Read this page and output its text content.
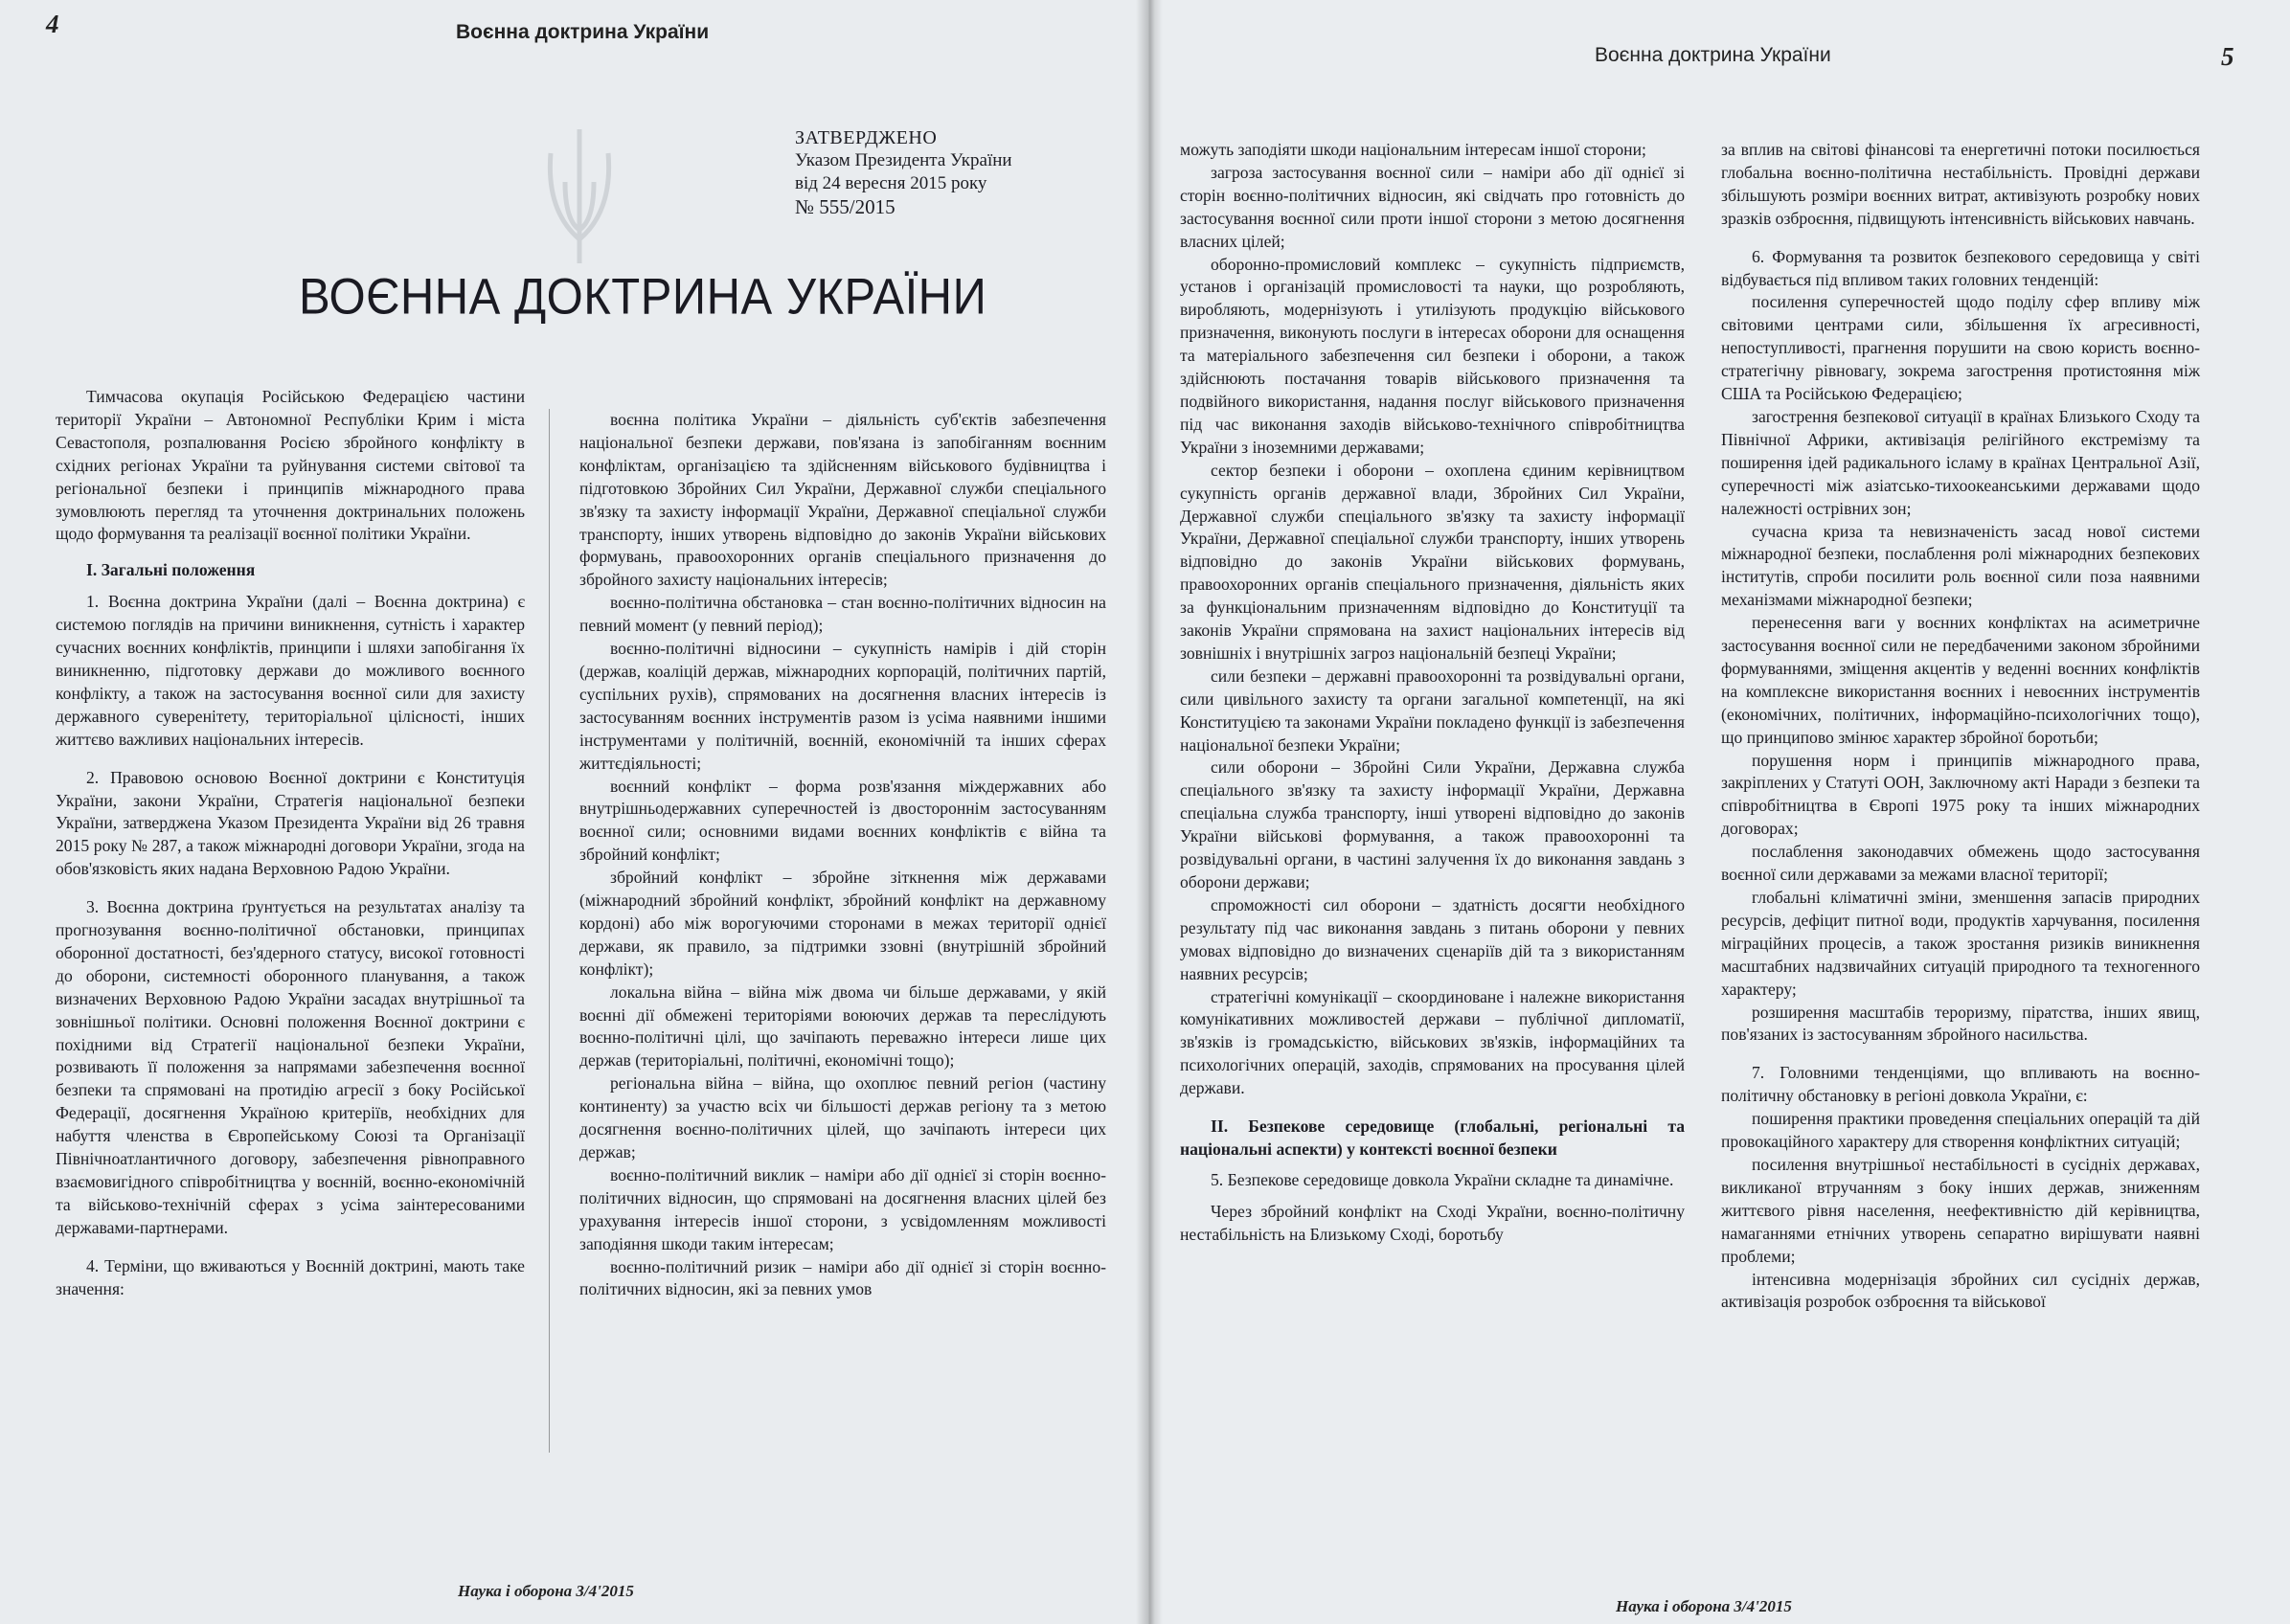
4	Воєнна доктрина України
ЗАТВЕРДЖЕНО
Указом Президента України
від 24 вересня 2015 року
№ 555/2015
ВОЄННА ДОКТРИНА УКРАЇНИ

Тимчасова окупація Російською Федерацією частини території України – Автономної Республіки Крим і міста Севастополя, розпалювання Росією збройного конфлікту в східних регіонах України та руйнування системи світової та регіональної безпеки і принципів міжнародного права зумовлюють перегляд та уточнення доктринальних положень щодо формування та реалізації воєнної політики України.

I. Загальні положення

1. Воєнна доктрина України (далі – Воєнна доктрина) є системою поглядів на причини виникнення, сутність і характер сучасних воєнних конфліктів, принципи і шляхи запобігання їх виникненню, підготовку держави до можливого воєнного конфлікту, а також на застосування воєнної сили для захисту державного суверенітету, територіальної цілісності, інших життєво важливих національних інтересів.

2. Правовою основою Воєнної доктрини є Конституція України, закони України, Стратегія національної безпеки України, затверджена Указом Президента України від 26 травня 2015 року № 287, а також міжнародні договори України, згода на обов'язковість яких надана Верховною Радою України.

3. Воєнна доктрина ґрунтується на результатах аналізу та прогнозування воєнно-політичної обстановки, принципах оборонної достатності, без'ядерного статусу, високої готовності до оборони, системності оборонного планування, а також визначених Верховною Радою України засадах внутрішньої та зовнішньої політики. Основні положення Воєнної доктрини є похідними від Стратегії національної безпеки України, розвивають її положення за напрямами забезпечення воєнної безпеки та спрямовані на протидію агресії з боку Російської Федерації, досягнення Україною критеріїв, необхідних для набуття членства в Європейському Союзі та Організації Північноатлантичного договору, забезпечення рівноправного взаємовигідного співробітництва у воєнній, воєнно-економічній та військово-технічній сферах з усіма заінтересованими державами-партнерами.

4. Терміни, що вживаються у Воєнній доктрині, мають таке значення:

воєнна політика України – діяльність суб'єктів забезпечення національної безпеки держави, пов'язана із запобіганням воєнним конфліктам, організацією та здійсненням військового будівництва і підготовкою Збройних Сил України, Державної служби спеціального зв'язку та захисту інформації України, Державної спеціальної служби транспорту, інших утворень відповідно до законів України військових формувань, правоохоронних органів спеціального призначення до збройного захисту національних інтересів;

воєнно-політична обстановка – стан воєнно-політичних відносин на певний момент (у певний період);

воєнно-політичні відносини – сукупність намірів і дій сторін (держав, коаліцій держав, міжнародних корпорацій, політичних партій, суспільних рухів), спрямованих на досягнення власних інтересів із застосуванням воєнних інструментів разом із усіма наявними іншими інструментами у політичній, воєнній, економічній та інших сферах життєдіяльності;

воєнний конфлікт – форма розв'язання міждержавних або внутрішньодержавних суперечностей із двостороннім застосуванням воєнної сили; основними видами воєнних конфліктів є війна та збройний конфлікт;

збройний конфлікт – збройне зіткнення між державами (міжнародний збройний конфлікт, збройний конфлікт на державному кордоні) або між ворогуючими сторонами в межах території однієї держави, як правило, за підтримки ззовні (внутрішній збройний конфлікт);

локальна війна – війна між двома чи більше державами, у якій воєнні дії обмежені територіями воюючих держав та переслідують воєнно-політичні цілі, що зачіпають переважно інтереси лише цих держав (територіальні, політичні, економічні тощо);

регіональна війна – війна, що охоплює певний регіон (частину континенту) за участю всіх чи більшості держав регіону та з метою досягнення воєнно-політичних цілей, що зачіпають інтереси цих держав;

воєнно-політичний виклик – наміри або дії однієї зі сторін воєнно-політичних відносин, що спрямовані на досягнення власних цілей без урахування інтересів іншої сторони, з усвідомленням можливості заподіяння шкоди таким інтересам;

воєнно-політичний ризик – наміри або дії однієї зі сторін воєнно-політичних відносин, які за певних умов

Наука і оборона 3/4'2015
Воєнна доктрина України	5
Наука і оборона 3/4'2015

можуть заподіяти шкоди національним інтересам іншої сторони;

загроза застосування воєнної сили – наміри або дії однієї зі сторін воєнно-політичних відносин, які свідчать про готовність до застосування воєнної сили проти іншої сторони з метою досягнення власних цілей;

оборонно-промисловий комплекс – сукупність підприємств, установ і організацій промисловості та науки, що розробляють, виробляють, модернізують і утилізують продукцію військового призначення, виконують послуги в інтересах оборони для оснащення та матеріального забезпечення сил безпеки і оборони, а також здійснюють постачання товарів військового призначення та подвійного використання, надання послуг військового призначення під час виконання заходів військово-технічного співробітництва України з іноземними державами;

сектор безпеки і оборони – охоплена єдиним керівництвом сукупність органів державної влади, Збройних Сил України, Державної служби спеціального зв'язку та захисту інформації України, Державної спеціальної служби транспорту, інших утворень відповідно до законів України військових формувань, правоохоронних органів спеціального призначення, діяльність яких за функціональним призначенням відповідно до Конституції та законів України спрямована на захист національних інтересів від зовнішніх і внутрішніх загроз національній безпеці України;

сили безпеки – державні правоохоронні та розвідувальні органи, сили цивільного захисту та органи загальної компетенції, на які Конституцією та законами України покладено функції із забезпечення національної безпеки України;

сили оборони – Збройні Сили України, Державна служба спеціального зв'язку та захисту інформації України, Державна спеціальна служба транспорту, інші утворені відповідно до законів України військові формування, а також правоохоронні та розвідувальні органи, в частині залучення їх до виконання завдань з оборони держави;

спроможності сил оборони – здатність досягти необхідного результату під час виконання завдань з питань оборони у певних умовах відповідно до визначених сценаріїв дій та з використанням наявних ресурсів;

стратегічні комунікації – скоординоване і належне використання комунікативних можливостей держави – публічної дипломатії, зв'язків із громадськістю, військових зв'язків, інформаційних та психологічних операцій, заходів, спрямованих на просування цілей держави.

II. Безпекове середовище (глобальні, регіональні та національні аспекти) у контексті воєнної безпеки

5. Безпекове середовище довкола України складне та динамічне.

Через збройний конфлікт на Сході України, воєнно-політичну нестабільність на Близькому Сході, боротьбу

за вплив на світові фінансові та енергетичні потоки посилюється глобальна воєнно-політична нестабільність. Провідні держави збільшують розміри воєнних витрат, активізують розробку нових зразків озброєння, підвищують інтенсивність військових навчань.

6. Формування та розвиток безпекового середовища у світі відбувається під впливом таких головних тенденцій:

посилення суперечностей щодо поділу сфер впливу між світовими центрами сили, збільшення їх агресивності, непоступливості, прагнення порушити на свою користь воєнно-стратегічну рівновагу, зокрема загострення протистояння між США та Російською Федерацією;

загострення безпекової ситуації в країнах Близького Сходу та Північної Африки, активізація релігійного екстремізму та поширення ідей радикального ісламу в країнах Центральної Азії, суперечності між азіатсько-тихоокеанськими державами щодо належності острівних зон;

сучасна криза та невизначеність засад нової системи міжнародної безпеки, послаблення ролі міжнародних безпекових інститутів, спроби посилити роль воєнної сили поза наявними механізмами міжнародної безпеки;

перенесення ваги у воєнних конфліктах на асиметричне застосування воєнної сили не передбаченими законом збройними формуваннями, зміщення акцентів у веденні воєнних конфліктів на комплексне використання воєнних і невоєнних інструментів (економічних, політичних, інформаційно-психологічних тощо), що принципово змінює характер збройної боротьби;

порушення норм і принципів міжнародного права, закріплених у Статуті ООН, Заключному акті Наради з безпеки та співробітництва в Європі 1975 року та інших міжнародних договорах;

послаблення законодавчих обмежень щодо застосування воєнної сили державами за межами власної території;

глобальні кліматичні зміни, зменшення запасів природних ресурсів, дефіцит питної води, продуктів харчування, посилення міграційних процесів, а також зростання ризиків виникнення масштабних надзвичайних ситуацій природного та техногенного характеру;

розширення масштабів тероризму, піратства, інших явищ, пов'язаних із застосуванням збройного насильства.

7. Головними тенденціями, що впливають на воєнно-політичну обстановку в регіоні довкола України, є:

поширення практики проведення спеціальних операцій та дій провокаційного характеру для створення конфліктних ситуацій;

посилення внутрішньої нестабільності в сусідніх державах, викликаної втручанням з боку інших держав, зниженням життєвого рівня населення, неефективністю дій керівництва, намаганнями етнічних утворень сепаратно вирішувати наявні проблеми;

інтенсивна модернізація збройних сил сусідніх держав, активізація розробок озброєння та військової
